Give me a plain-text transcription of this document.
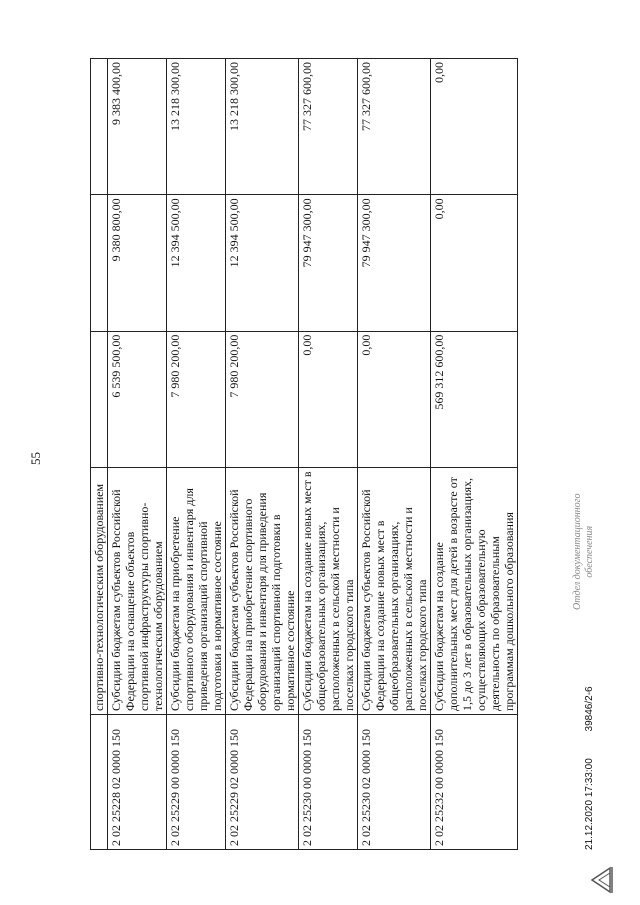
55
	спортивно-технологическим оборудованием			
2 02 25228 02 0000 150	Субсидии бюджетам субъектов Российской Федерации на оснащение объектов спортивной инфраструктуры спортивно-технологическим оборудованием	6 539 500,00	9 380 800,00	9 383 400,00
2 02 25229 00 0000 150	Субсидии бюджетам на приобретение спортивного оборудования и инвентаря для приведения организаций спортивной подготовки в нормативное состояние	7 980 200,00	12 394 500,00	13 218 300,00
2 02 25229 02 0000 150	Субсидии бюджетам субъектов Российской Федерации на приобретение спортивного оборудования и инвентаря для приведения организаций спортивной подготовки в нормативное состояние	7 980 200,00	12 394 500,00	13 218 300,00
2 02 25230 00 0000 150	Субсидии бюджетам на создание новых мест в общеобразовательных организациях, расположенных в сельской местности и поселках городского типа	0,00	79 947 300,00	77 327 600,00
2 02 25230 02 0000 150	Субсидии бюджетам субъектов Российской Федерации на создание новых мест в общеобразовательных организациях, расположенных в сельской местности и поселках городского типа	0,00	79 947 300,00	77 327 600,00
2 02 25232 00 0000 150	Субсидии бюджетам на создание дополнительных мест для детей в возрасте от 1,5 до 3 лет в образовательных организациях, осуществляющих образовательную деятельность по образовательным программам дошкольного образования	569 312 600,00	0,00	0,00
21.12.2020 17:33:00 39846/2-6
Отдел документационного обеспечения
